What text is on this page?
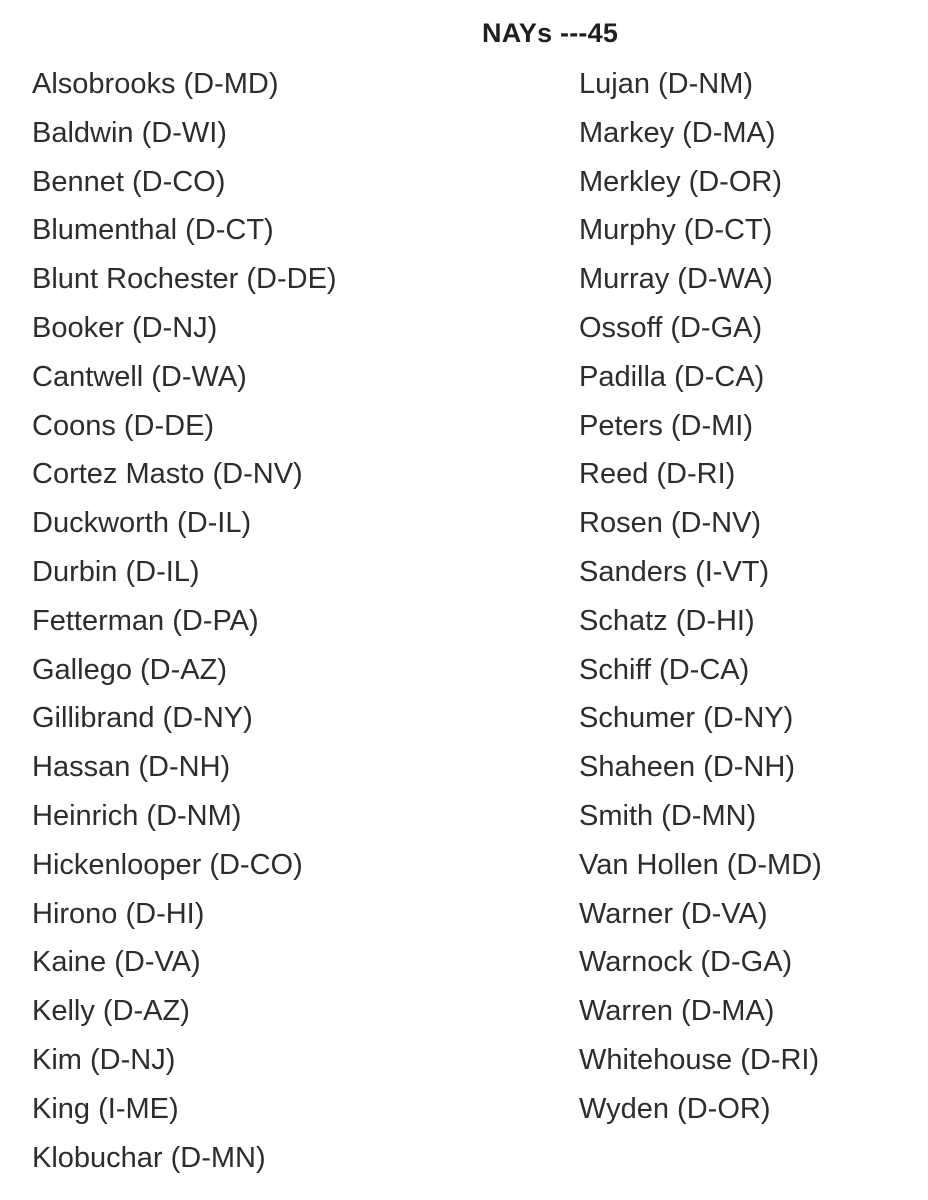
NAYs ---45
Alsobrooks (D-MD)
Baldwin (D-WI)
Bennet (D-CO)
Blumenthal (D-CT)
Blunt Rochester (D-DE)
Booker (D-NJ)
Cantwell (D-WA)
Coons (D-DE)
Cortez Masto (D-NV)
Duckworth (D-IL)
Durbin (D-IL)
Fetterman (D-PA)
Gallego (D-AZ)
Gillibrand (D-NY)
Hassan (D-NH)
Heinrich (D-NM)
Hickenlooper (D-CO)
Hirono (D-HI)
Kaine (D-VA)
Kelly (D-AZ)
Kim (D-NJ)
King (I-ME)
Klobuchar (D-MN)
Lujan (D-NM)
Markey (D-MA)
Merkley (D-OR)
Murphy (D-CT)
Murray (D-WA)
Ossoff (D-GA)
Padilla (D-CA)
Peters (D-MI)
Reed (D-RI)
Rosen (D-NV)
Sanders (I-VT)
Schatz (D-HI)
Schiff (D-CA)
Schumer (D-NY)
Shaheen (D-NH)
Smith (D-MN)
Van Hollen (D-MD)
Warner (D-VA)
Warnock (D-GA)
Warren (D-MA)
Whitehouse (D-RI)
Wyden (D-OR)
